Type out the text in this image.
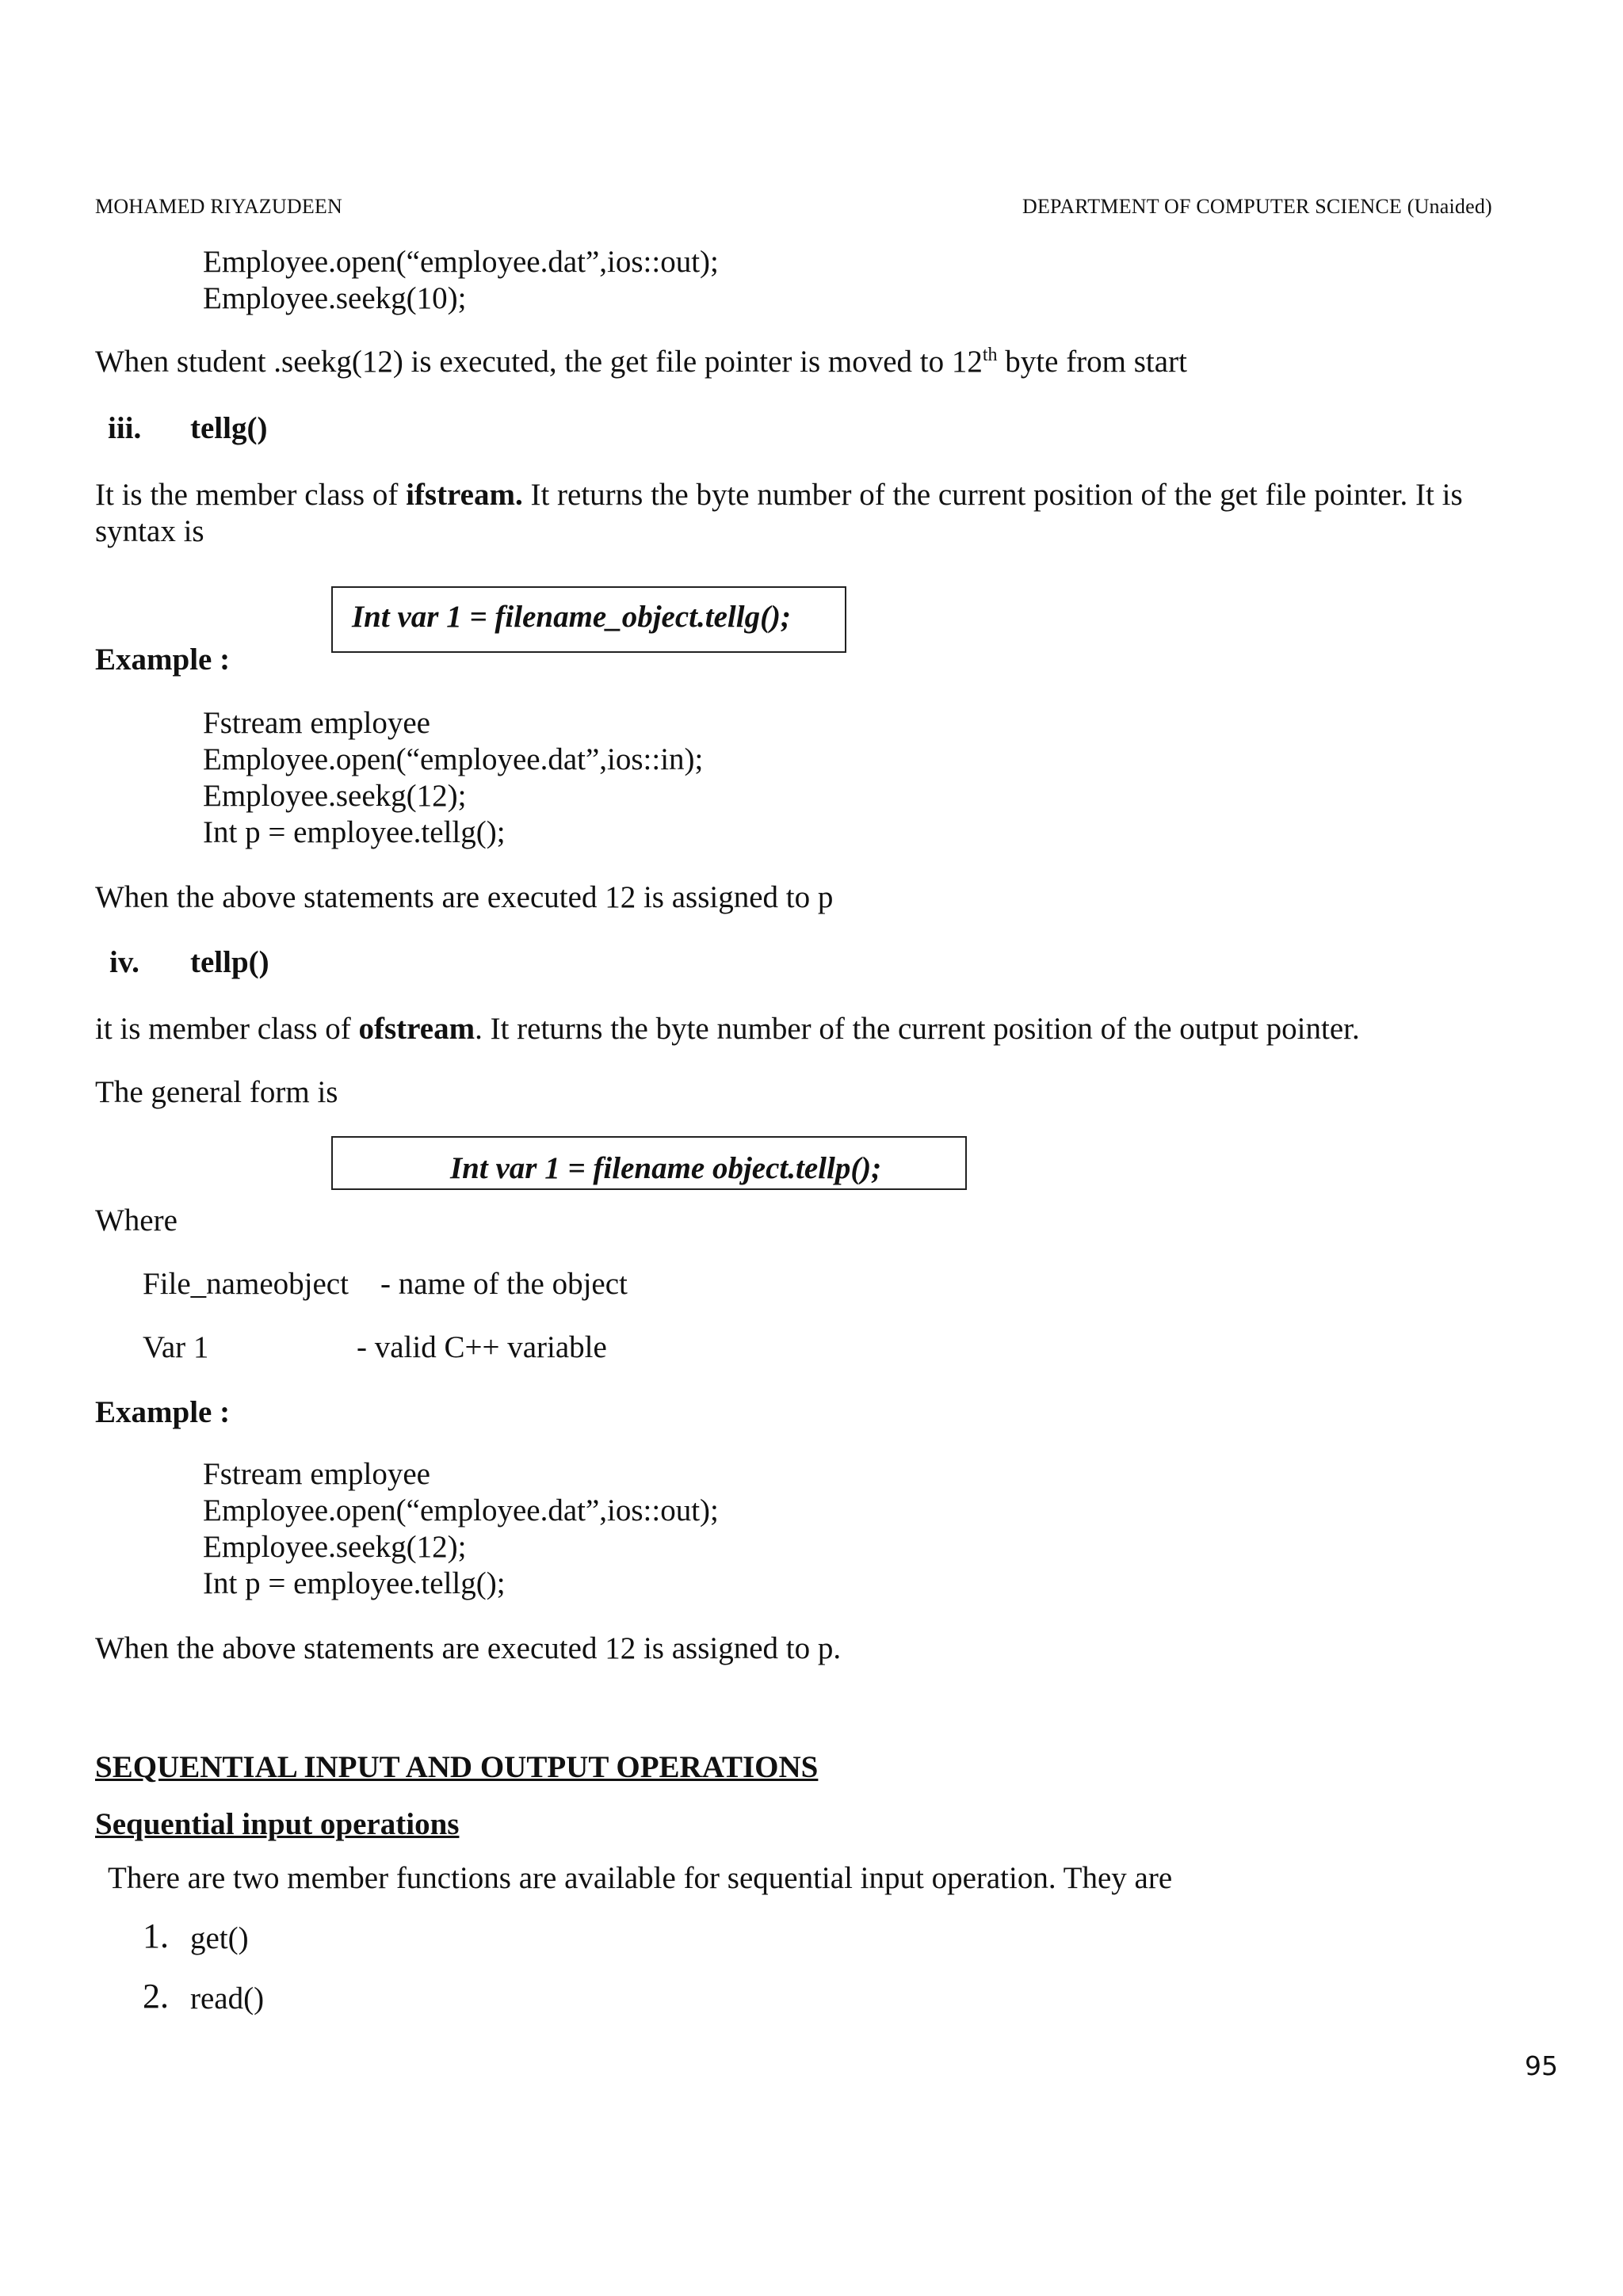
MOHAMED RIYAZUDEEN	DEPARTMENT OF COMPUTER SCIENCE (Unaided)
Employee.open(“employee.dat”,ios::out);
Employee.seekg(10);
When student .seekg(12) is executed, the get file pointer is moved to 12th byte from start
iii. tellg()
It is the member class of ifstream. It returns the byte number of the current position of the get file pointer. It is
syntax is
Int var 1 = filename_object.tellg();
Example :
Fstream employee
Employee.open(“employee.dat”,ios::in);
Employee.seekg(12);
Int p = employee.tellg();
When the above statements are executed 12 is assigned to p
iv. tellp()
it is member class of ofstream. It returns the byte number of the current position of the output pointer.
The general form is
Int var 1 = filename object.tellp();
Where
File_nameobject - name of the object
Var 1	- valid C++ variable
Example :
Fstream employee
Employee.open(“employee.dat”,ios::out);
Employee.seekg(12);
Int p = employee.tellg();
When the above statements are executed 12 is assigned to p.
SEQUENTIAL INPUT AND OUTPUT OPERATIONS
Sequential input operations
There are two member functions are available for sequential input operation. They are
1. get()
2. read()
95
